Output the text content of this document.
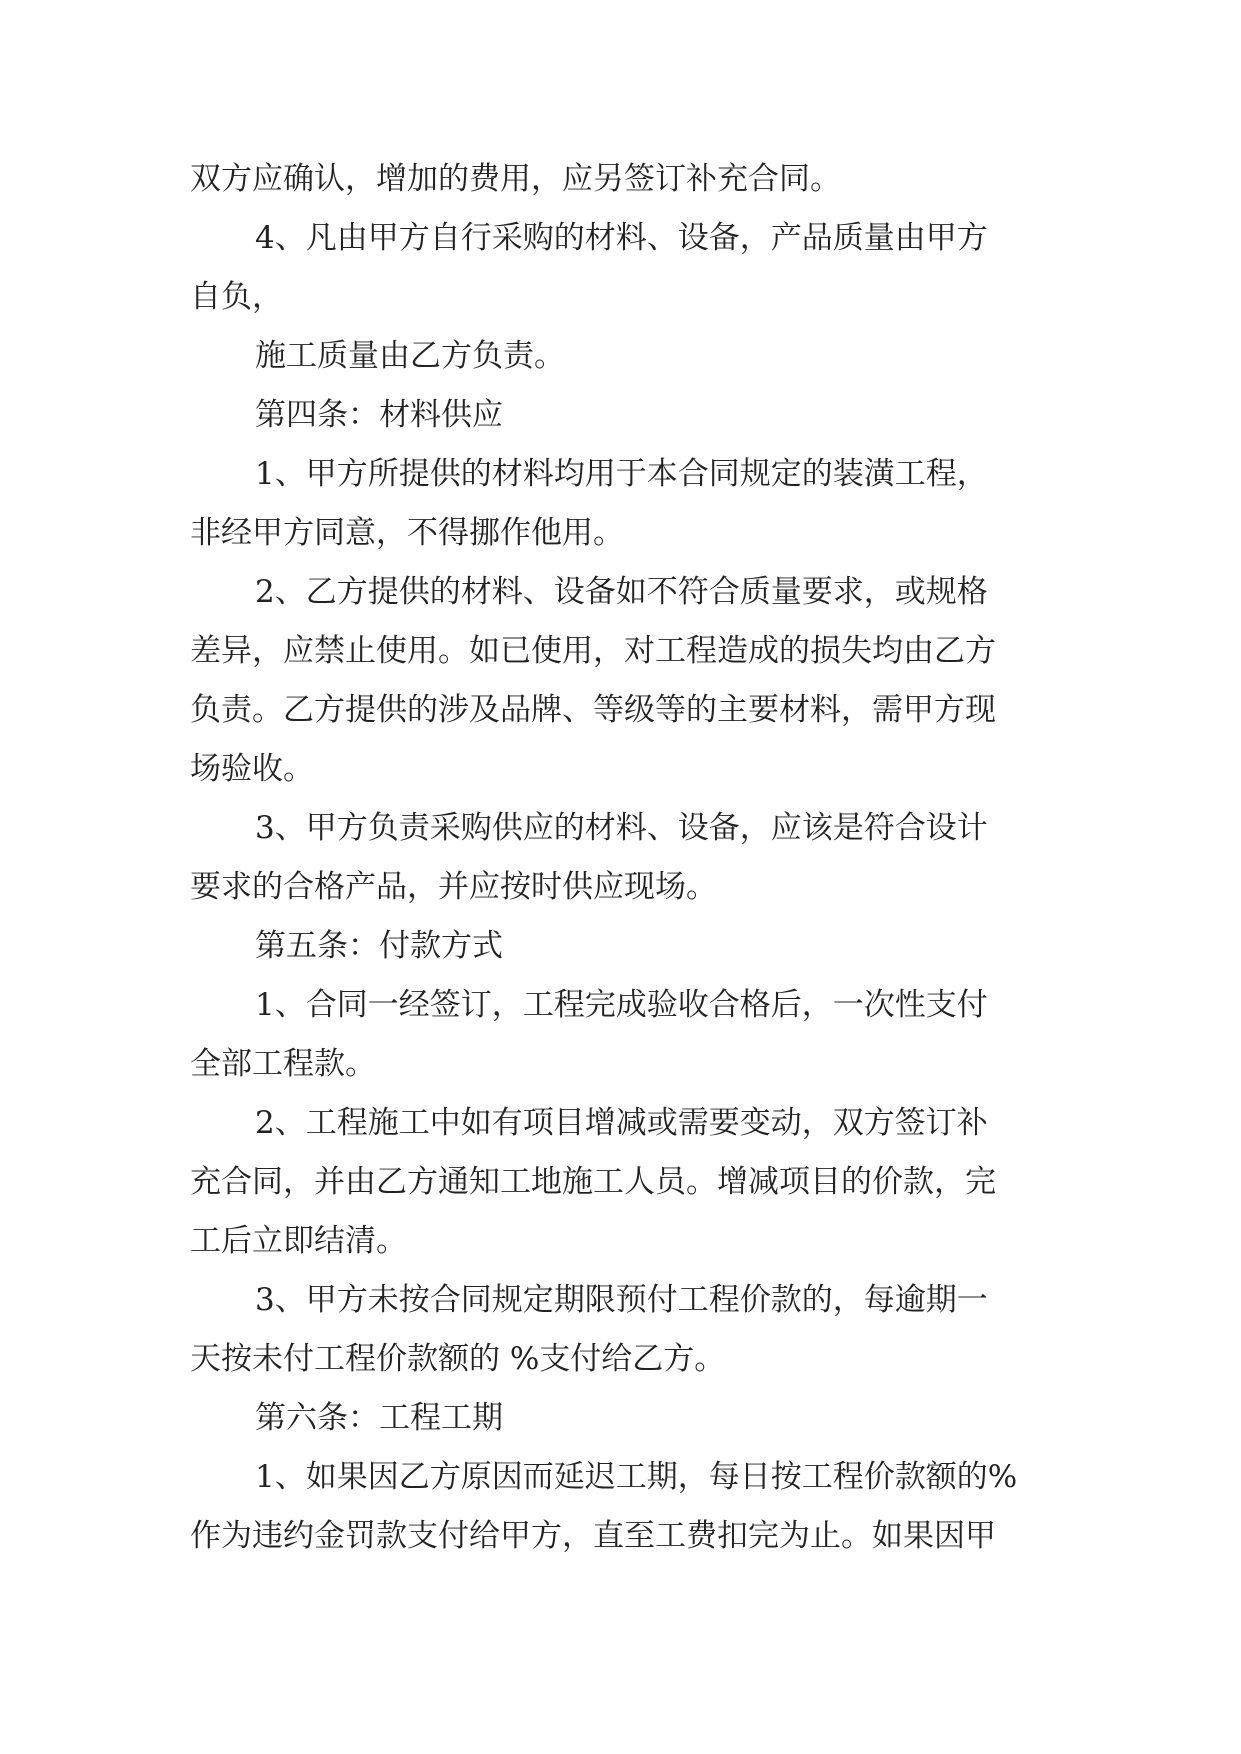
双方应确认，增加的费用，应另签订补充合同。

4、凡由甲方自行采购的材料、设备，产品质量由甲方
自负，

施工质量由乙方负责。

第四条：材料供应

1、甲方所提供的材料均用于本合同规定的装潢工程，
非经甲方同意，不得挪作他用。

2、乙方提供的材料、设备如不符合质量要求，或规格
差异，应禁止使用。如已使用，对工程造成的损失均由乙方
负责。乙方提供的涉及品牌、等级等的主要材料，需甲方现
场验收。

3、甲方负责采购供应的材料、设备，应该是符合设计
要求的合格产品，并应按时供应现场。

第五条：付款方式

1、合同一经签订，工程完成验收合格后，一次性支付
全部工程款。

2、工程施工中如有项目增减或需要变动，双方签订补
充合同，并由乙方通知工地施工人员。增减项目的价款，完
工后立即结清。

3、甲方未按合同规定期限预付工程价款的，每逾期一
天按未付工程价款额的 %支付给乙方。

第六条：工程工期

1、如果因乙方原因而延迟工期，每日按工程价款额的%
作为违约金罚款支付给甲方，直至工费扣完为止。如果因甲
